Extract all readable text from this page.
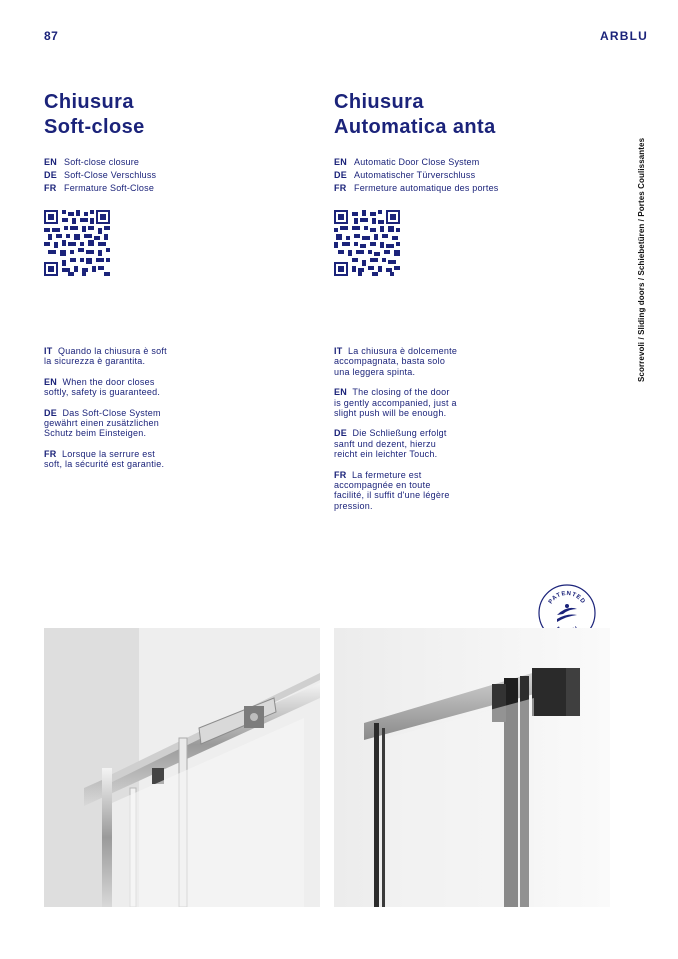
87	ARBLU
Scorrevoli / Sliding doors / Schiebetüren / Portes Coulissantes
Chiusura
Soft-close
EN Soft-close closure
DE Soft-Close Verschluss
FR Fermature Soft-Close

IT Quando la chiusura è soft la sicurezza è garantita.

EN When the door closes softly, safety is guaranteed.

DE Das Soft-Close System gewährt einen zusätzlichen Schutz beim Einsteigen.

FR Lorsque la serrure est soft, la sécurité est garantie.

Chiusura
Automatica anta
EN Automatic Door Close System
DE Automatischer Türverschluss
FR Fermeture automatique des portes

IT La chiusura è dolcemente accompagnata, basta solo una leggera spinta.

EN The closing of the door is gently accompanied, just a slight push will be enough.

DE Die Schließung erfolgt sanft und dezent, hierzu reicht ein leichter Touch.

FR La fermeture est accompagnée en toute facilité, il suffit d'une légère pression.

PATENTED
